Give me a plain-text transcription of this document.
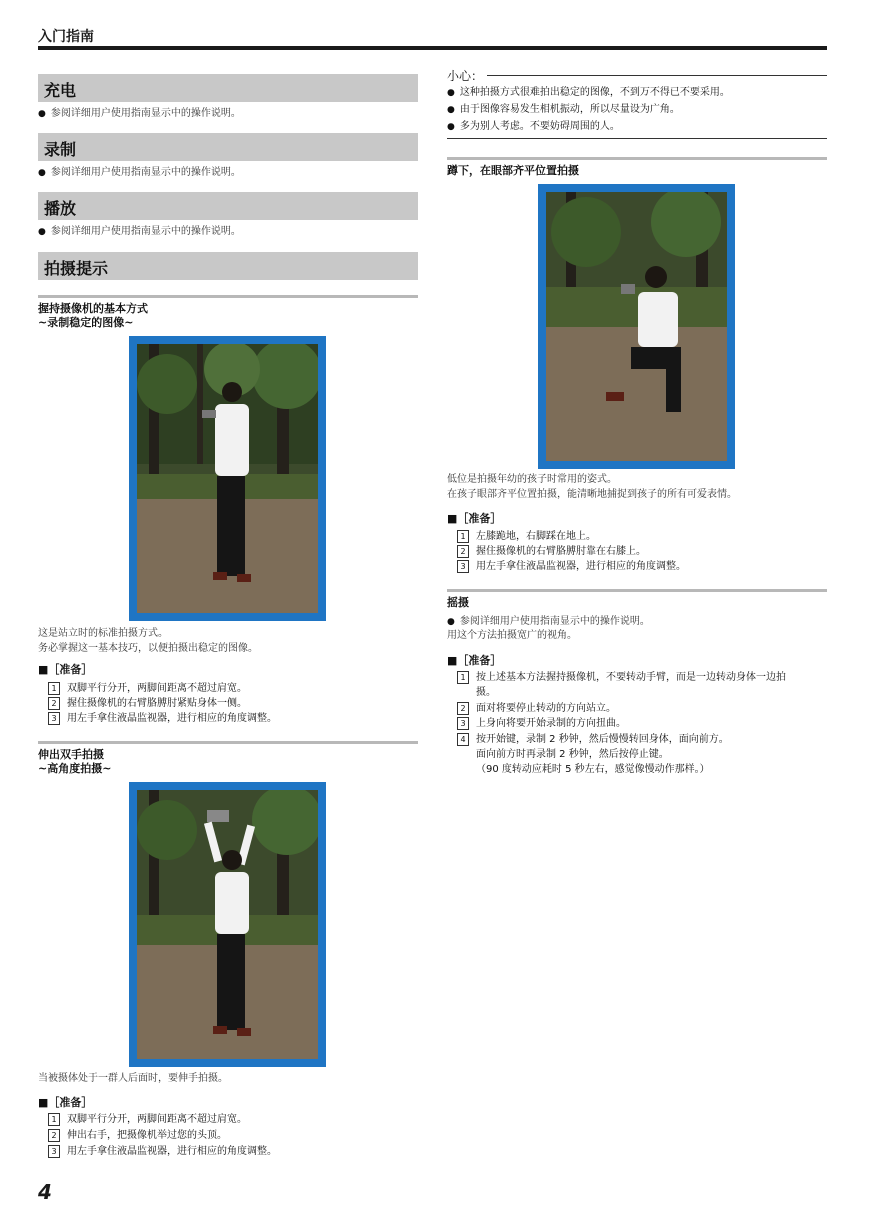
入门指南
充电
● 参阅详细用户使用指南显示中的操作说明。
录制
● 参阅详细用户使用指南显示中的操作说明。
播放
● 参阅详细用户使用指南显示中的操作说明。
拍摄提示
握持摄像机的基本方式
~录制稳定的图像~
这是站立时的标准拍摄方式。
务必掌握这一基本技巧，以便拍摄出稳定的图像。
■［准备］
1 双脚平行分开，两脚间距离不超过肩宽。
2 握住摄像机的右臂胳膊肘紧贴身体一侧。
3 用左手拿住液晶监视器，进行相应的角度调整。
伸出双手拍摄
~高角度拍摄~
当被摄体处于一群人后面时，要伸手拍摄。
■［准备］
1 双脚平行分开，两脚间距离不超过肩宽。
2 伸出右手，把摄像机举过您的头顶。
3 用左手拿住液晶监视器，进行相应的角度调整。
小心：
● 这种拍摄方式很难拍出稳定的图像，不到万不得已不要采用。
● 由于图像容易发生相机振动，所以尽量设为广角。
● 多为别人考虑。不要妨碍周围的人。
蹲下，在眼部齐平位置拍摄
低位是拍摄年幼的孩子时常用的姿式。
在孩子眼部齐平位置拍摄，能清晰地捕捉到孩子的所有可爱表情。
■［准备］
1 左膝跪地，右脚踩在地上。
2 握住摄像机的右臂胳膊肘靠在右膝上。
3 用左手拿住液晶监视器，进行相应的角度调整。
摇摄
● 参阅详细用户使用指南显示中的操作说明。
用这个方法拍摄宽广的视角。
■［准备］
1 按上述基本方法握持摄像机，不要转动手臂，而是一边转动身体一边拍
摄。
2 面对将要停止转动的方向站立。
3 上身向将要开始录制的方向扭曲。
4 按开始键，录制 2 秒钟，然后慢慢转回身体，面向前方。
面向前方时再录制 2 秒钟，然后按停止键。
（90 度转动应耗时 5 秒左右，感觉像慢动作那样。）
4
